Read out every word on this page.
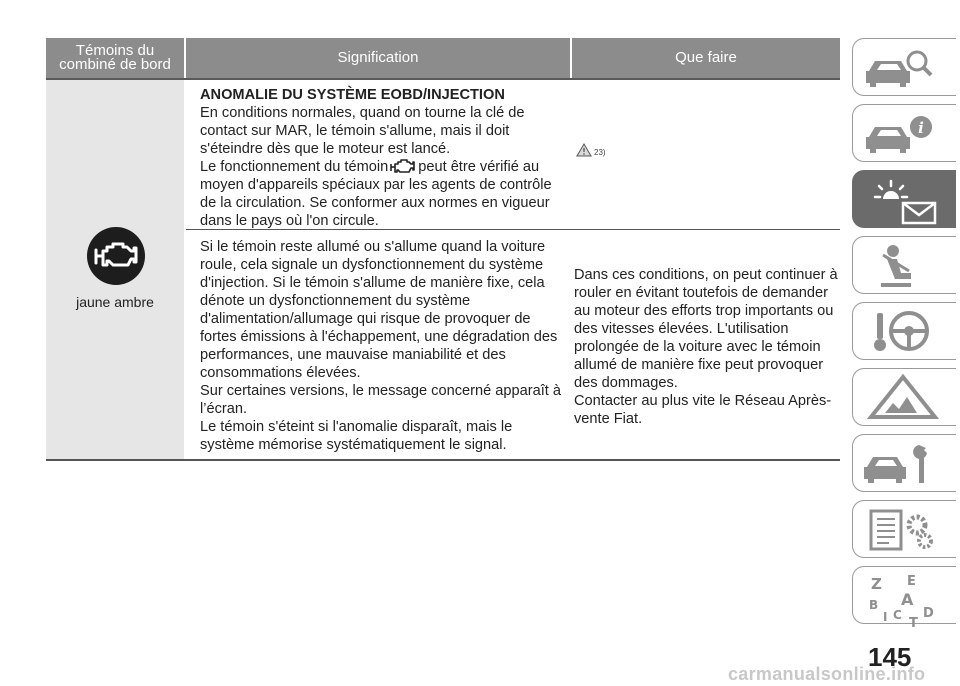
Témoins du combiné de bord	Signification	Que faire
jaune ambre
ANOMALIE DU SYSTÈME EOBD/INJECTION

En conditions normales, quand on tourne la clé de contact sur MAR, le témoin s'allume, mais il doit s'éteindre dès que le moteur est lancé.

Le fonctionnement du témoin peut être vérifié au moyen d'appareils spéciaux par les agents de contrôle de la circulation. Se conformer aux normes en vigueur dans le pays où l'on circule.

23)

Si le témoin reste allumé ou s'allume quand la voiture roule, cela signale un dysfonctionnement du système d'injection. Si le témoin s'allume de manière fixe, cela dénote un dysfonctionnement du système d'alimentation/allumage qui risque de provoquer de fortes émissions à l'échappement, une dégradation des performances, une mauvaise maniabilité et des consommations élevées.

Sur certaines versions, le message concerné apparaît à l’écran.

Le témoin s'éteint si l'anomalie disparaît, mais le système mémorise systématiquement le signal.

Dans ces conditions, on peut continuer à rouler en évitant toutefois de demander au moteur des efforts trop importants ou des vitesses élevées. L'utilisation prolongée de la voiture avec le témoin allumé de manière fixe peut provoquer des dommages.

Contacter au plus vite le Réseau Après-vente Fiat.

i
Z E
B A
I C
T
D
145
carmanualsonline.info
